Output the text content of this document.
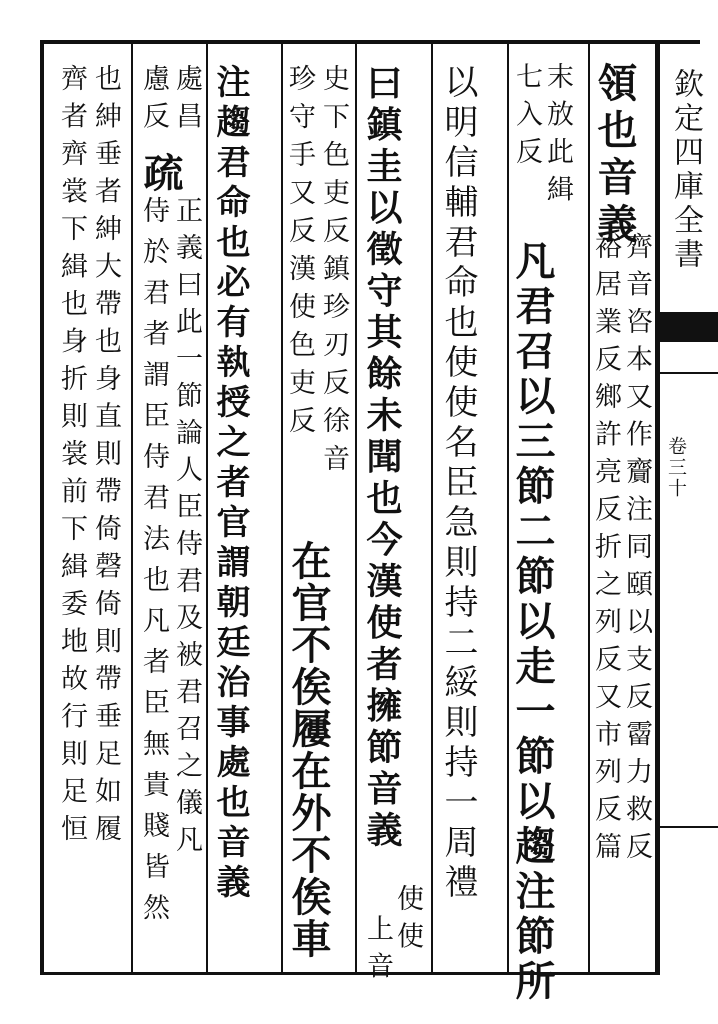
欽定四庫全書
卷三十
領也音義
齊音咨本又作齎注同頤以支反霤力救反
裕居業反鄉許亮反折之列反又市列反篇
末放此緝
七入反
凡君召以三節二節以走一節以趨注節所
以明信輔君命也使使名臣急則持二綏則持一周禮
曰鎮圭以徵守其餘未聞也今漢使者擁節音義
使使
上音
史下色吏反鎮珍刃反徐音
珍守手又反漢使色吏反
在官不俟屨在外不俟車
注趨君命也必有執授之者官謂朝廷治事處也音義
處昌
慮反
疏
正義曰此一節論人臣侍君及被君召之儀凡
侍於君者謂臣侍君法也凡者臣無貴賤皆然
也紳垂者紳大帶也身直則帶倚磬倚則帶垂足如履
齊者齊裳下緝也身折則裳前下緝委地故行則足恒
